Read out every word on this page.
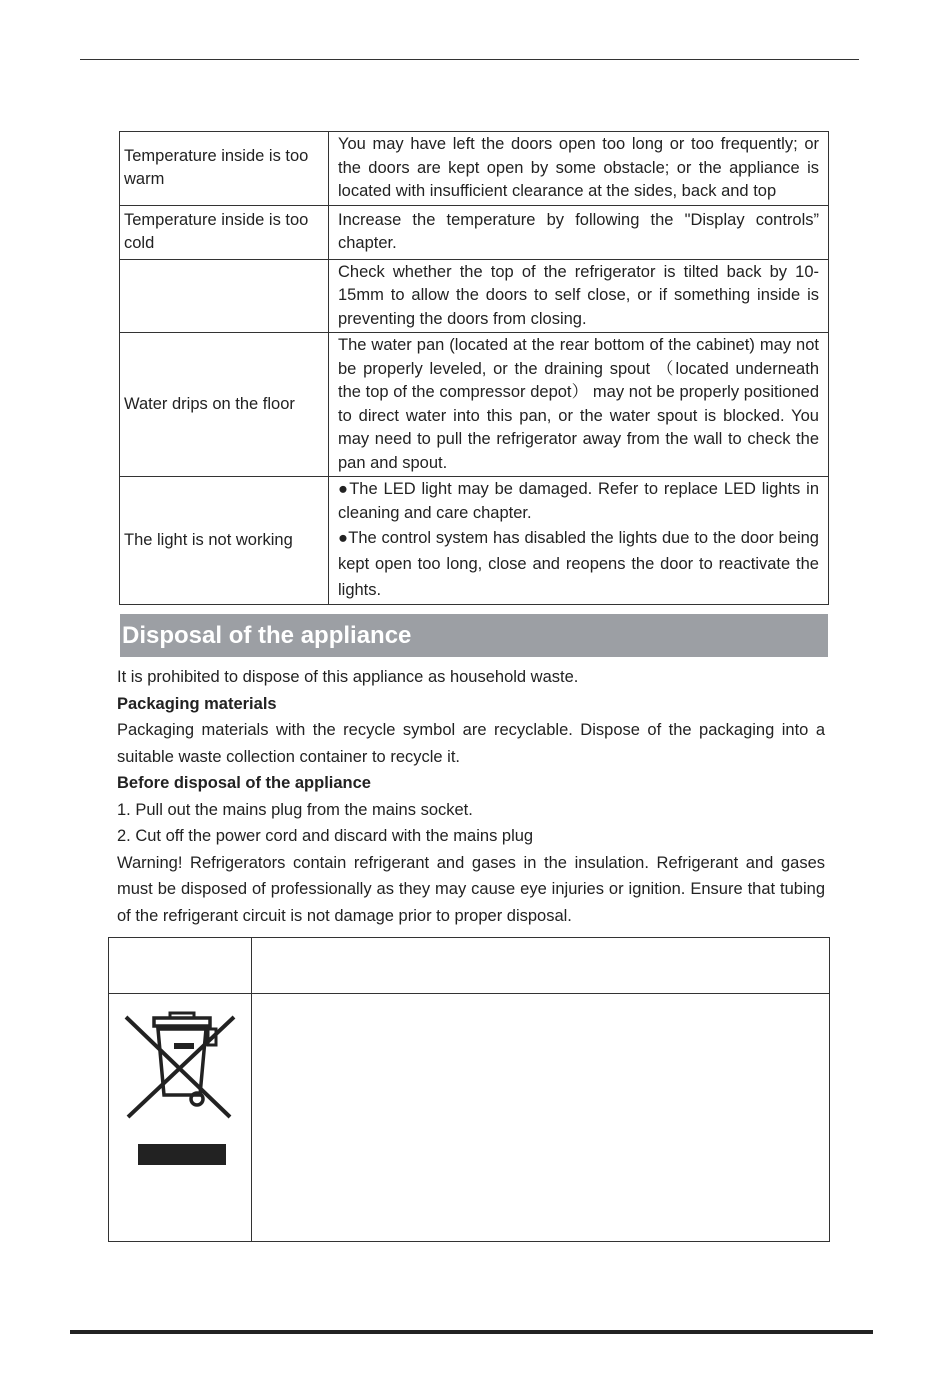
Temperature inside is too warm	You may have left the doors open too long or too frequently; or the doors are kept open by some obstacle; or the appliance is located with insufficient clearance at the sides, back and top
Temperature inside is too cold	Increase the temperature by following the "Display controls” chapter.
	Check whether the top of the refrigerator is tilted back by 10-15mm to allow the doors to self close, or if something inside is preventing the doors from closing.
Water drips on the floor	The water pan (located at the rear bottom of the cabinet) may not be properly leveled, or the draining spout （located underneath the top of the compressor depot） may not be properly positioned to direct water into this pan, or the water spout is blocked. You may need to pull the refrigerator away from the wall to check the pan and spout.
The light is not working	●The LED light may be damaged. Refer to replace LED lights in cleaning and care chapter.

●The control system has disabled the lights due to the door being kept open too long, close and reopens the door to reactivate the lights.

Disposal of the appliance

It is prohibited to dispose of this appliance as household waste.

Packaging materials

Packaging materials with the recycle symbol are recyclable. Dispose of the packaging into a suitable waste collection container to recycle it.

Before disposal of the appliance

1. Pull out the mains plug from the mains socket.

2. Cut off the power cord and discard with the mains plug

Warning! Refrigerators contain refrigerant and gases in the insulation. Refrigerant and gases must be disposed of professionally as they may cause eye injuries or ignition. Ensure that tubing of the refrigerant circuit is not damage prior to proper disposal.
